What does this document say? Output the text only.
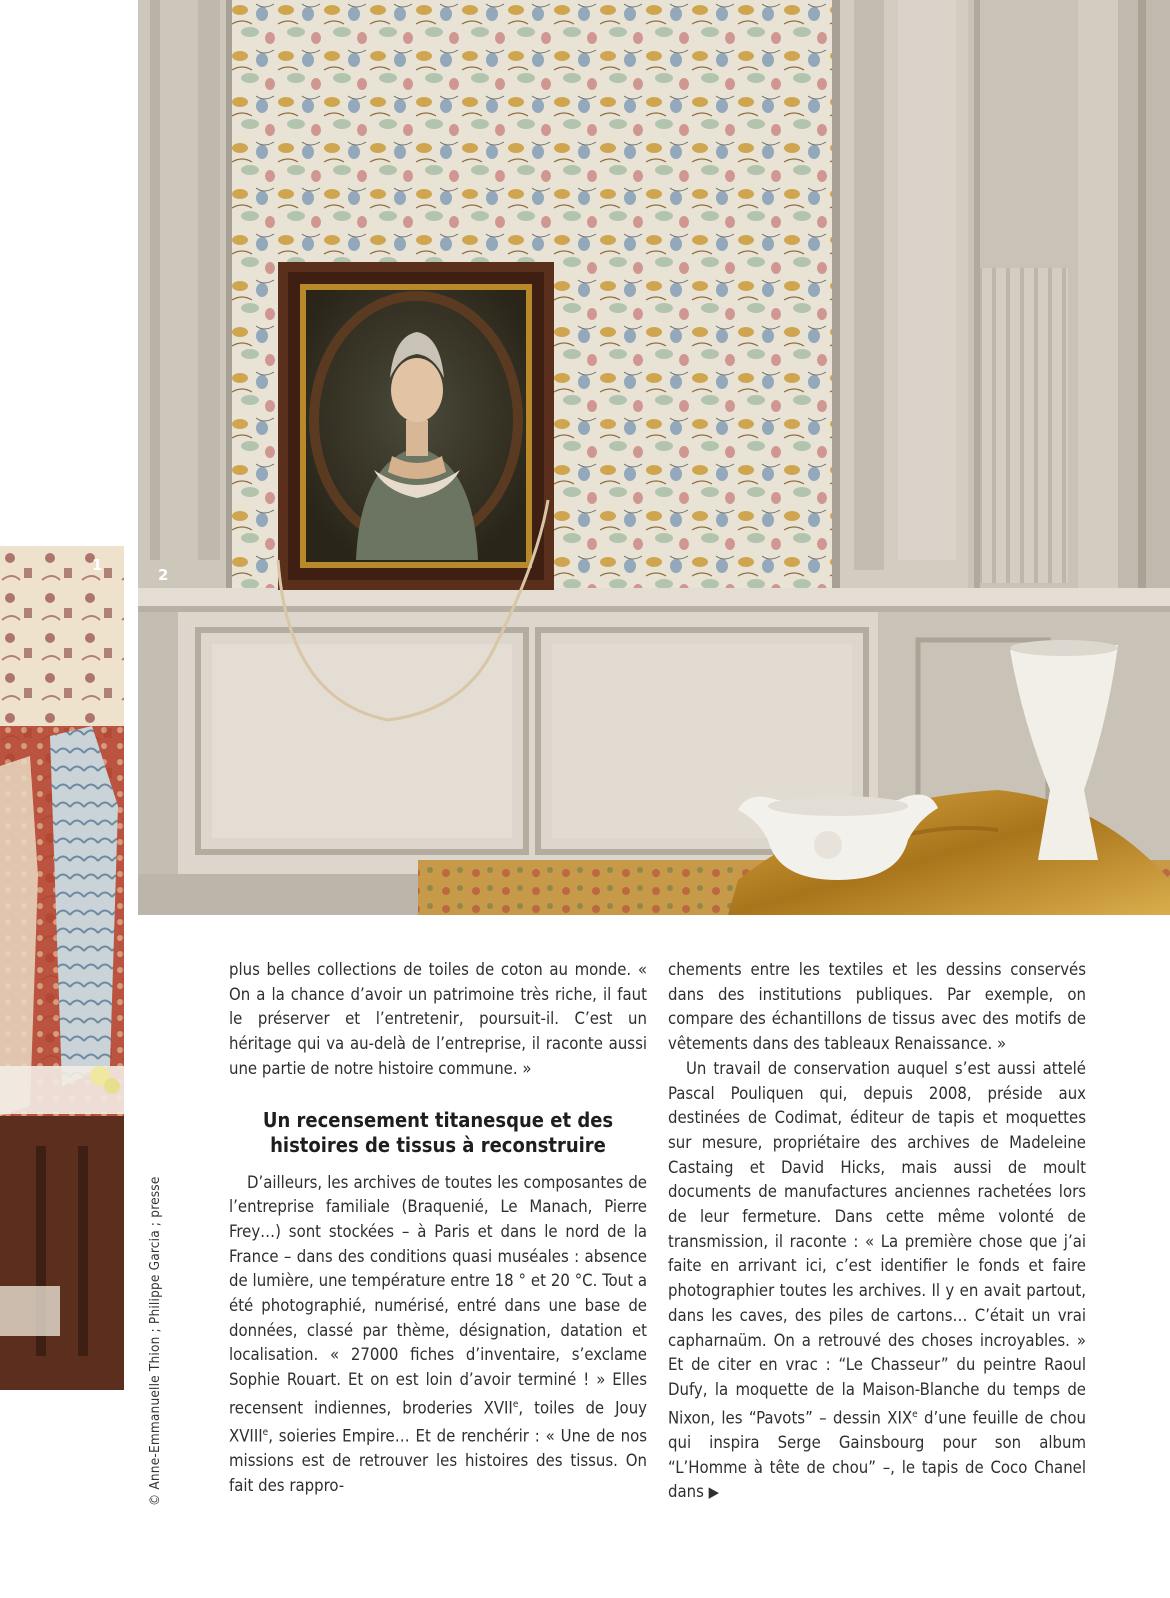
1
2
© Anne-Emmanuelle Thion ; Philippe Garcia ; presse

plus belles collections de toiles de coton au monde. « On a la chance d’avoir un patrimoine très riche, il faut le préserver et l’entretenir, poursuit-il. C’est un héritage qui va au-delà de l’entreprise, il raconte aussi une partie de notre histoire commune. »

Un recensement titanesque et des histoires de tissus à reconstruire

D’ailleurs, les archives de toutes les composantes de l’entreprise familiale (Braquenié, Le Manach, Pierre Frey…) sont stockées – à Paris et dans le nord de la France – dans des conditions quasi muséales : absence de lumière, une température entre 18 ° et 20 °C. Tout a été photographié, numérisé, entré dans une base de données, classé par thème, désignation, datation et localisation. « 27000 fiches d’inventaire, s’exclame Sophie Rouart. Et on est loin d’avoir terminé ! » Elles recensent indiennes, broderies XVIIe, toiles de Jouy XVIIIe, soieries Empire… Et de renchérir : « Une de nos missions est de retrouver les histoires des tissus. On fait des rappro-

chements entre les textiles et les dessins conservés dans des institutions publiques. Par exemple, on compare des échantillons de tissus avec des motifs de vêtements dans des tableaux Renaissance. »

Un travail de conservation auquel s’est aussi attelé Pascal Pouliquen qui, depuis 2008, préside aux destinées de Codimat, éditeur de tapis et moquettes sur mesure, propriétaire des archives de Madeleine Castaing et David Hicks, mais aussi de moult documents de manufactures anciennes rachetées lors de leur fermeture. Dans cette même volonté de transmission, il raconte : « La première chose que j’ai faite en arrivant ici, c’est identifier le fonds et faire photographier toutes les archives. Il y en avait partout, dans les caves, des piles de cartons… C’était un vrai capharnaüm. On a retrouvé des choses incroyables. » Et de citer en vrac : “Le Chasseur” du peintre Raoul Dufy, la moquette de la Maison-Blanche du temps de Nixon, les “Pavots” – dessin XIXe d’une feuille de chou qui inspira Serge Gainsbourg pour son album “L’Homme à tête de chou” –, le tapis de Coco Chanel dans ▶
